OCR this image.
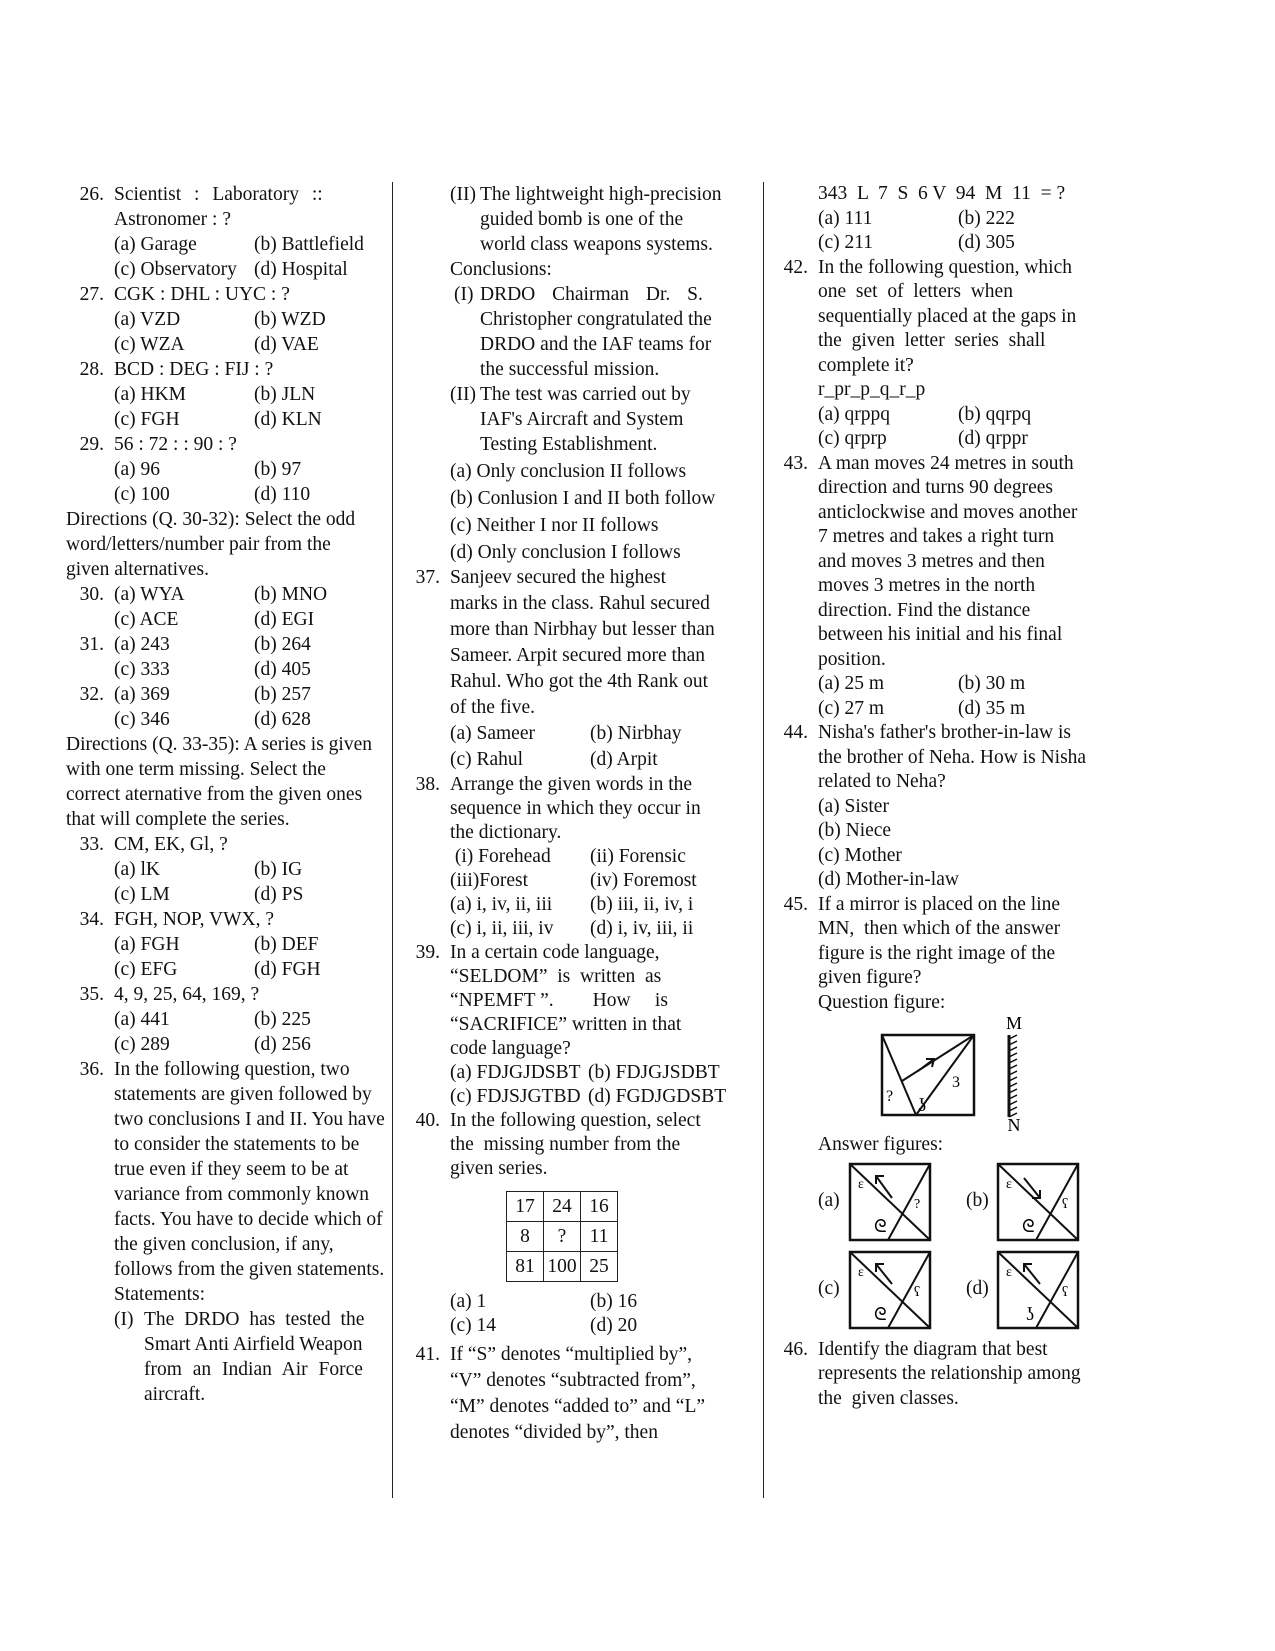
26. Scientist : Laboratory ::
Astronomer : ?
(a) Garage	(b) Battlefield
(c) Observatory (d) Hospital
27. CGK : DHL : UYC : ?
(a) VZD	(b) WZD
(c) WZA	(d) VAE
28. BCD : DEG : FIJ : ?
(a) HKM	(b) JLN
(c) FGH	(d) KLN
29. 56 : 72 : : 90 : ?
(a) 96	(b) 97
(c) 100	(d) 110
Directions (Q. 30-32): Select the odd
word/letters/number pair from the
given alternatives.
30. (a) WYA	(b) MNO
(c) ACE	(d) EGI
31. (a) 243	(b) 264
(c) 333	(d) 405
32. (a) 369	(b) 257
(c) 346	(d) 628
Directions (Q. 33-35): A series is given
with one term missing. Select the
correct aternative from the given ones
that will complete the series.
33. CM, EK, Gl, ?
(a) lK	(b) IG
(c) LM	(d) PS
34. FGH, NOP, VWX, ?
(a) FGH	(b) DEF
(c) EFG	(d) FGH
35. 4, 9, 25, 64, 169, ?
(a) 441	(b) 225
(c) 289	(d) 256
36. In the following question, two
statements are given followed by
two conclusions I and II. You have
to consider the statements to be
true even if they seem to be at
variance from commonly known
facts. You have to decide which of
the given conclusion, if any,
follows from the given statements.
Statements:
(I) The DRDO has tested the
Smart Anti Airfield Weapon
from an Indian Air Force
aircraft.
(II) The lightweight high-precision
guided bomb is one of the
world class weapons systems.
Conclusions:
(I) DRDO Chairman Dr. S.
Christopher congratulated the
DRDO and the IAF teams for
the successful mission.
(II) The test was carried out by
IAF's Aircraft and System
Testing Establishment.
(a) Only conclusion II follows
(b) Conlusion I and II both follow
(c) Neither I nor II follows
(d) Only conclusion I follows
37. Sanjeev secured the highest
marks in the class. Rahul secured
more than Nirbhay but lesser than
Sameer. Arpit secured more than
Rahul. Who got the 4th Rank out
of the five.
(a) Sameer	(b) Nirbhay
(c) Rahul	(d) Arpit
38. Arrange the given words in the
sequence in which they occur in
the dictionary.
(i) Forehead	(ii) Forensic
(iii)Forest	(iv) Foremost
(a) i, iv, ii, iii	(b) iii, ii, iv, i
(c) i, ii, iii, iv	(d) i, iv, iii, ii
39. In a certain code language,
“SELDOM”  is  written  as
“NPEMFT ”.        How     is
“SACRIFICE” written in that
code language?
(a) FDJGJDSBT (b) FDJGJSDBT
(c) FDJSJGTBD (d) FGDJGDSBT
40. In the following question, select
the  missing number from the
given series.
17	24	16
8	?	11
81	100	25
(a) 1	(b) 16
(c) 14	(d) 20
41. If “S” denotes “multiplied by”,
“V” denotes “subtracted from”,
“M” denotes “added to” and “L”
denotes “divided by”, then
343  L  7  S  6 V  94  M  11  = ?
(a) 111	(b) 222
(c) 211	(d) 305
42. In the following question, which
one  set  of  letters  when
sequentially placed at the gaps in
the  given  letter  series  shall
complete it?
r_pr_p_q_r_p
(a) qrppq	(b) qqrpq
(c) qrprp	(d) qrppr
43. A man moves 24 metres in south
direction and turns 90 degrees
anticlockwise and moves another
7 metres and takes a right turn
and moves 3 metres and then
moves 3 metres in the north
direction. Find the distance
between his initial and his final
position.
(a) 25 m	(b) 30 m
(c) 27 m	(d) 35 m
44. Nisha's father's brother-in-law is
the brother of Neha. How is Nisha
related to Neha?
(a) Sister
(b) Niece
(c) Mother
(d) Mother-in-law
45. If a mirror is placed on the line
MN,  then which of the answer
figure is the right image of the
given figure?
Question figure:
M
3
? ʖ
N
Answer figures:
(a)
ε
?
ᘓ
(b)
ε
ʕ
ᘓ
(c)
ε
ʕ
ᘓ
(d)
ε
ʕ
ʖ
46. Identify the diagram that best
represents the relationship among
the  given classes.
